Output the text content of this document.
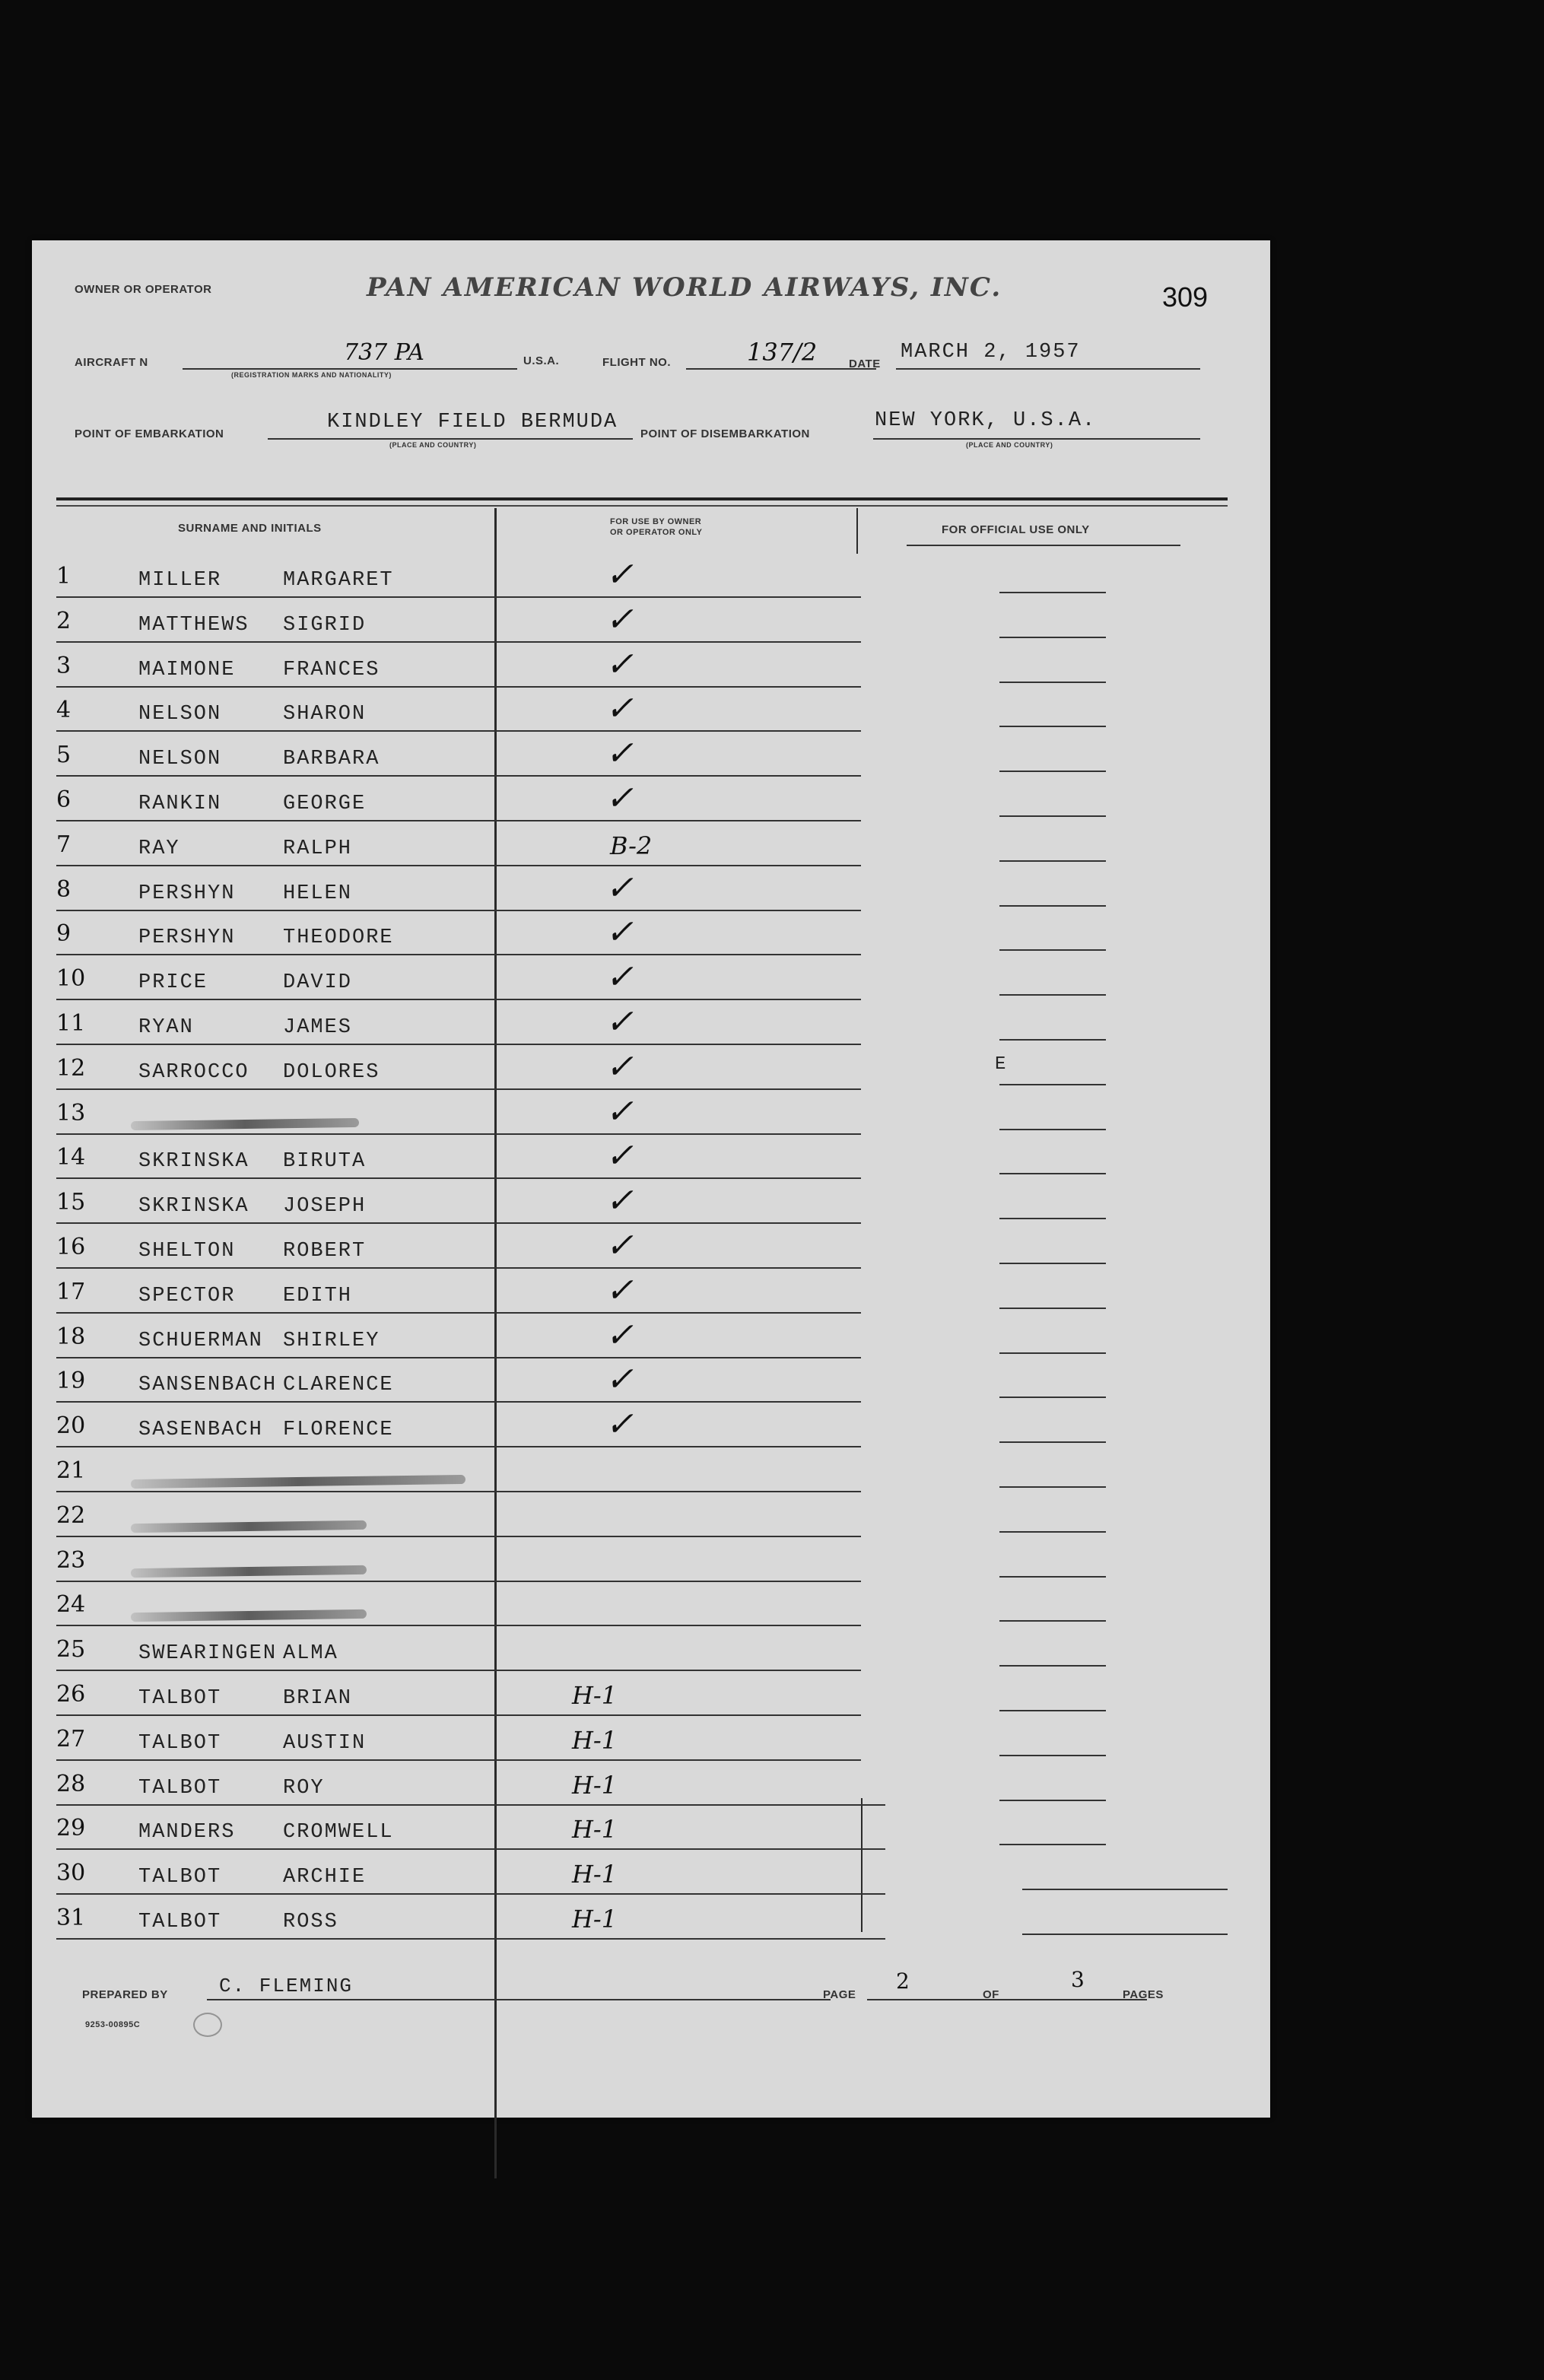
OWNER OR OPERATOR	PAN AMERICAN WORLD AIRWAYS, INC.	309
AIRCRAFT N	737 PA
(REGISTRATION MARKS AND NATIONALITY)
U.S.A.	FLIGHT NO.	137/2	DATE
MARCH 2, 1957
POINT OF EMBARKATION
KINDLEY FIELD BERMUDA
(PLACE AND COUNTRY)
POINT OF DISEMBARKATION
NEW YORK, U.S.A.
(PLACE AND COUNTRY)
SURNAME AND INITIALS	FOR USE BY OWNER
OR OPERATOR ONLY	FOR OFFICIAL USE ONLY
1	MILLER	MARGARET	✓
2	MATTHEWS SIGRID	✓
3	MAIMONE FRANCES	✓
4	NELSON	SHARON	✓
5	NELSON	BARBARA	✓
6	RANKIN	GEORGE	✓
7	RAY	RALPH	B-2
8	PERSHYN HELEN	✓
9	PERSHYN THEODORE	✓
10	PRICE	DAVID	✓
11	RYAN	JAMES	✓
12	SARROCCO DOLORES	✓
13	✓
14	SKRINSKA BIRUTA	✓
15	SKRINSKA JOSEPH	✓
16	SHELTON ROBERT	✓
17	SPECTOR EDITH	✓
18	SCHUERMAN SHIRLEY	✓
19	SANSENBACH CLARENCE	✓
20	SASENBACH FLORENCE	✓
21
22
23
24
25	SWEARINGEN ALMA
26	TALBOT	BRIAN	H-1
27	TALBOT	AUSTIN	H-1
28	TALBOT	ROY	H-1
29	MANDERS CROMWELL	H-1
30	TALBOT	ARCHIE	H-1
31	TALBOT	ROSS	H-1
E
PREPARED BY	C. FLEMING	PAGE
2
OF
3
PAGES
9253-00895C
